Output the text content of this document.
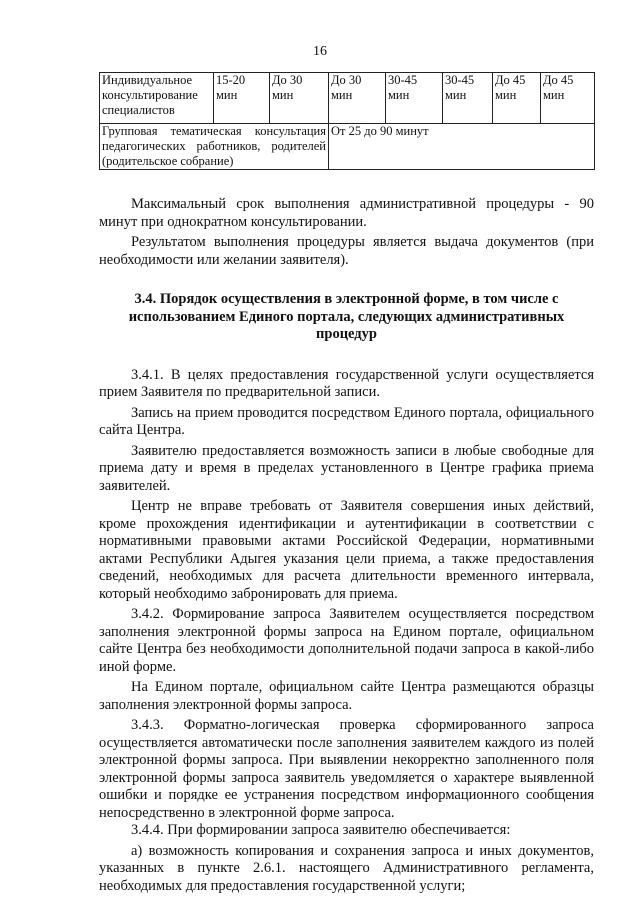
16
Индивидуальное консультирование специалистов	15-20 мин	До 30 мин	До 30 мин	30-45 мин	30-45 мин	До 45 мин	До 45 мин
Групповая тематическая консультация педагогических работников, родителей (родительское собрание)			От 25 до 90 минут				

Максимальный срок выполнения административной процедуры - 90 минут при однократном консультировании.

Результатом выполнения процедуры является выдача документов (при необходимости или желании заявителя).

3.4. Порядок осуществления в электронной форме, в том числе с использованием Единого портала, следующих административных процедур

3.4.1. В целях предоставления государственной услуги осуществляется прием Заявителя по предварительной записи.

Запись на прием проводится посредством Единого портала, официального сайта Центра.

Заявителю предоставляется возможность записи в любые свободные для приема дату и время в пределах установленного в Центре графика приема заявителей.

Центр не вправе требовать от Заявителя совершения иных действий, кроме прохождения идентификации и аутентификации в соответствии с нормативными правовыми актами Российской Федерации, нормативными актами Республики Адыгея указания цели приема, а также предоставления сведений, необходимых для расчета длительности временного интервала, который необходимо забронировать для приема.

3.4.2. Формирование запроса Заявителем осуществляется посредством заполнения электронной формы запроса на Едином портале, официальном сайте Центра без необходимости дополнительной подачи запроса в какой-либо иной форме.

На Едином портале, официальном сайте Центра размещаются образцы заполнения электронной формы запроса.

3.4.3. Форматно-логическая проверка сформированного запроса осуществляется автоматически после заполнения заявителем каждого из полей электронной формы запроса. При выявлении некорректно заполненного поля электронной формы запроса заявитель уведомляется о характере выявленной ошибки и порядке ее устранения посредством информационного сообщения непосредственно в электронной форме запроса.

3.4.4. При формировании запроса заявителю обеспечивается:

а) возможность копирования и сохранения запроса и иных документов, указанных в пункте 2.6.1. настоящего Административного регламента, необходимых для предоставления государственной услуги;
